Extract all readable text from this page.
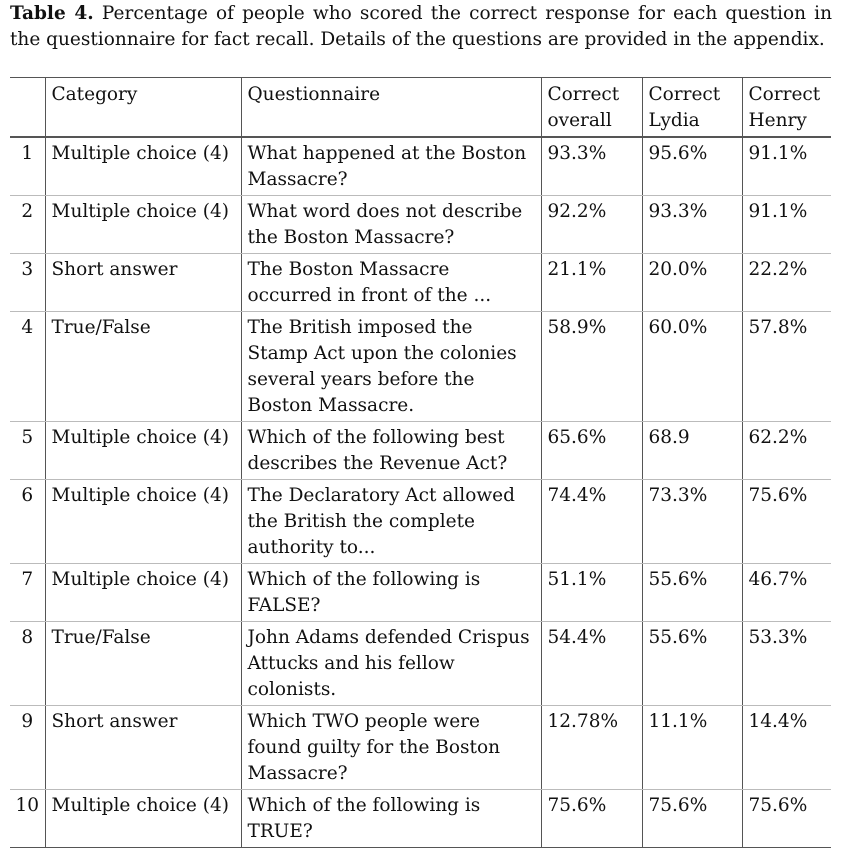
Table 4. Percentage of people who scored the correct response for each question in the questionnaire for fact recall. Details of the questions are provided in the appendix.
	Category	Questionnaire	Correct overall	Correct Lydia	Correct Henry
1	Multiple choice (4)	What happened at the Boston Massacre?	93.3%	95.6%	91.1%
2	Multiple choice (4)	What word does not describe the Boston Massacre?	92.2%	93.3%	91.1%
3	Short answer	The Boston Massacre occurred in front of the ...	21.1%	20.0%	22.2%
4	True/False	The British imposed the Stamp Act upon the colonies several years before the Boston Massacre.	58.9%	60.0%	57.8%
5	Multiple choice (4)	Which of the following best describes the Revenue Act?	65.6%	68.9	62.2%
6	Multiple choice (4)	The Declaratory Act allowed the British the complete authority to...	74.4%	73.3%	75.6%
7	Multiple choice (4)	Which of the following is FALSE?	51.1%	55.6%	46.7%
8	True/False	John Adams defended Crispus Attucks and his fellow colonists.	54.4%	55.6%	53.3%
9	Short answer	Which TWO people were found guilty for the Boston Massacre?	12.78%	11.1%	14.4%
10	Multiple choice (4)	Which of the following is TRUE?	75.6%	75.6%	75.6%
